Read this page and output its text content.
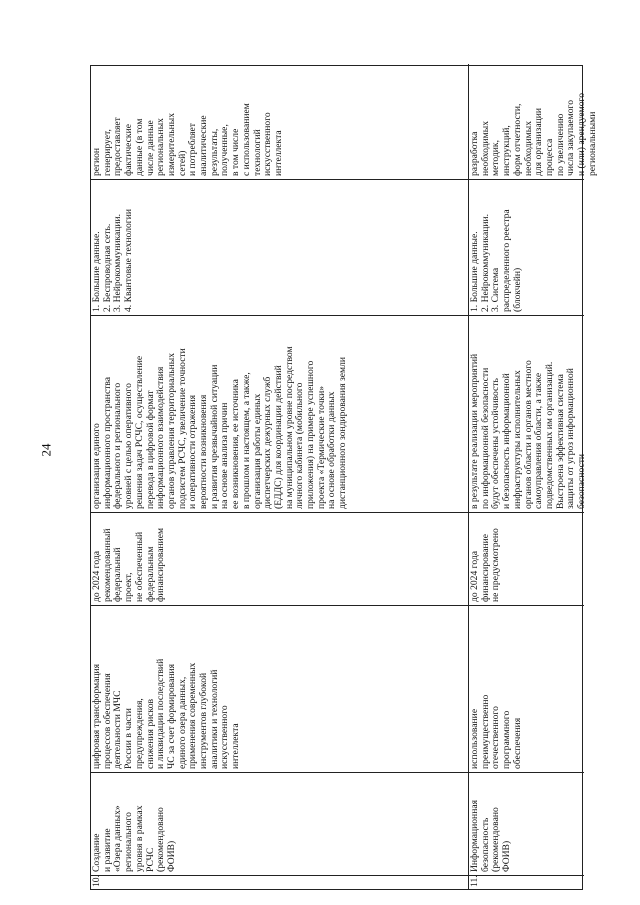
24
10.
Создание и развитие «Озера данных» регионального уровня в рамках РСЧС (рекомендовано ФОИВ)
цифровая трансформация процессов обеспечения деятельности МЧС России в части предупреждения, снижения рисков и ликвидации последствий ЧС за счет формирования единого озера данных, применения современных инструментов глубокой аналитики и технологий искусственного интеллекта
до 2024 года рекомендованный федеральный проект, не обеспеченный федеральным финансированием
организация единого информационного пространства федерального и регионального уровней с целью оперативного решения задач РСЧС, осуществление перевода в цифровой формат информационного взаимодействия органов управления территориальных подсистем РСЧС, увеличение точности и оперативности отражения вероятности возникновения и развития чрезвычайной ситуации на основе анализа причин ее возникновения, ее источника в прошлом и настоящем, а также, организация работы единых диспетчерских дежурных служб (ЕДДС) для координации действий на муниципальном уровне посредством личного кабинета (мобильного приложения) на примере успешного проекта «Термические точки» на основе обработки данных дистанционного зондирования земли
1. Большие данные. 2. Беспроводная сеть. 3. Нейрокоммуникации. 4. Квантовые технологии
регион генерирует, предоставляет фактические данные (в том числе данные региональных измерительных сетей) и потребляет аналитические результаты, полученные, в том числе с использованием технологий искусственного интеллекта
11.
Информационная безопасность (рекомендовано ФОИВ)
использование преимущественно отечественного программного обеспечения
до 2024 года финансирование не предусмотрено
в результате реализации мероприятий по информационной безопасности будут обеспечены устойчивость и безопасность информационной инфраструктуры исполнительных органов области и органов местного самоуправления области, а также подведомственных им организаций. Выстроена эффективная система защиты от угроз информационной безопасности
1. Большие данные. 2. Нейрокоммуникации. 3. Система распределенного реестра (блокчейн)
разработка необходимых методик, инструкций, форм отчетности, необходимых для организации процесса по увеличению числа закупаемого и (или) арендуемого региональными
